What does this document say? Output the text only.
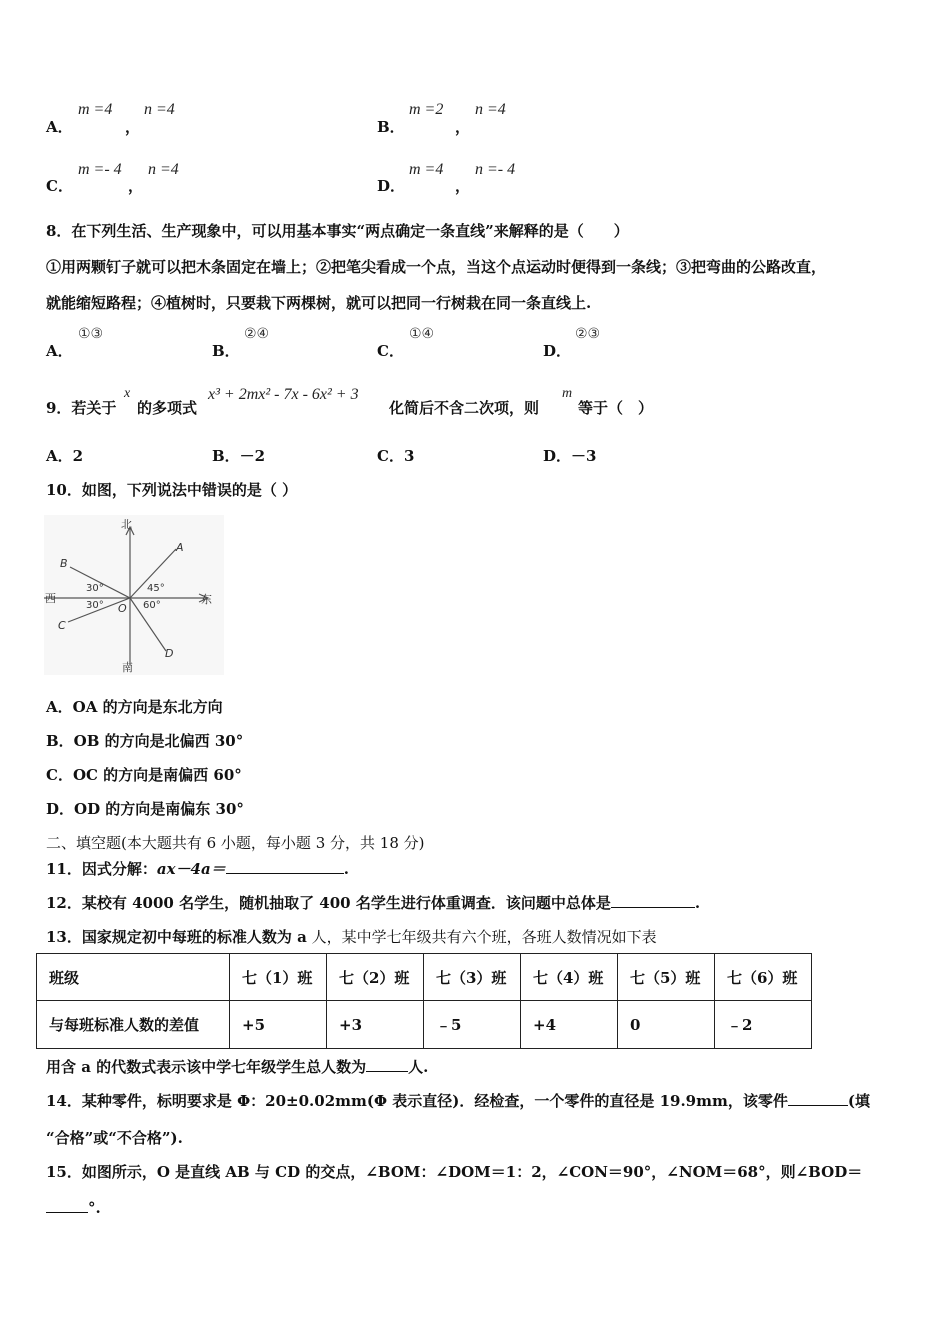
A．
m =4
，
n =4
B．
m =2
，
n =4
C．
m =- 4
，
n =4
D．
m =4
，
n =- 4
8．在下列生活、生产现象中，可以用基本事实“两点确定一条直线”来解释的是（　　）
①用两颗钉子就可以把木条固定在墙上；②把笔尖看成一个点，当这个点运动时便得到一条线；③把弯曲的公路改直，
就能缩短路程；④植树时，只要栽下两棵树，就可以把同一行树栽在同一条直线上.
A．
①③
B．
②④
C．
①④
D．
②③
9．若关于
x
的多项式
x³ + 2mx² - 7x - 6x² + 3
化简后不含二次项，则
m
等于（　）
A．2	B．－2	C．3	D．－3
10．如图，下列说法中错误的是（ ）
A
B
C
D
O
北
南
西	东
30°
30°
45°
60°
A．OA 的方向是东北方向
B．OB 的方向是北偏西 30°
C．OC 的方向是南偏西 60°
D．OD 的方向是南偏东 30°
二、填空题(本大题共有 6 小题，每小题 3 分，共 18 分)
11．因式分解：ax－4a＝	.
12．某校有 4000 名学生，随机抽取了 400 名学生进行体重调查．该问题中总体是	.
13．国家规定初中每班的标准人数为 a 人，某中学七年级共有六个班，各班人数情况如下表
班级	七（1）班	七（2）班	七（3）班	七（4）班	七（5）班	七（6）班
与每班标准人数的差值	+5	+3	﹣5	+4	0	﹣2
用含 a 的代数式表示该中学七年级学生总人数为	人.
14．某种零件，标明要求是 Φ：20±0.02mm(Φ 表示直径)．经检查，一个零件的直径是 19.9mm，该零件	(填
“合格”或“不合格”).
15．如图所示，O 是直线 AB 与 CD 的交点，∠BOM：∠DOM＝1：2，∠CON＝90°，∠NOM＝68°，则∠BOD＝
°.
